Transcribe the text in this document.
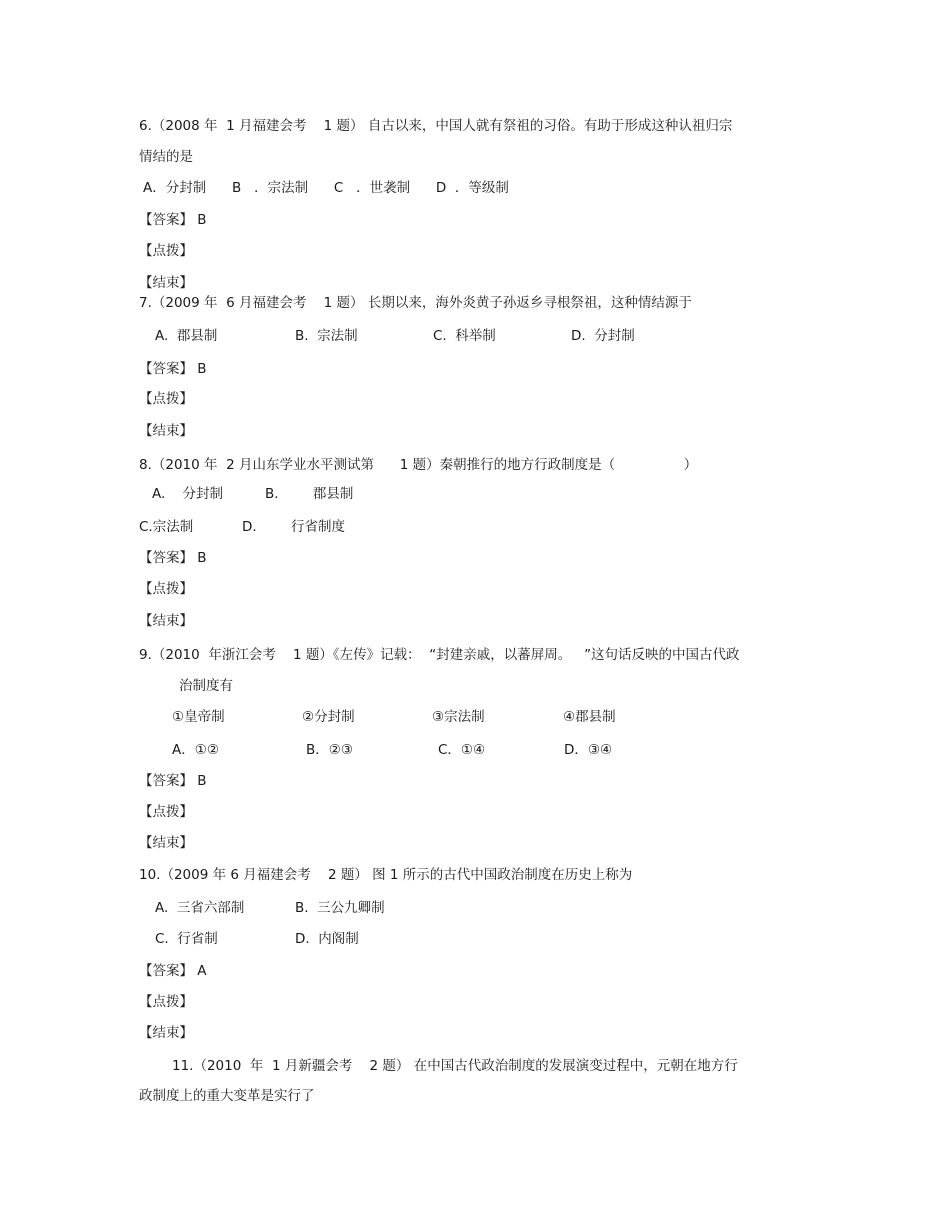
6.（2008 年  1 月福建会考    1 题） 自古以来，中国人就有祭祖的习俗。有助于形成这种认祖归宗
情结的是
A．分封制      B   ．宗法制      C   ．世袭制      D  ．等级制
【答案】 B
【点拨】
【结束】
7.（2009 年  6 月福建会考    1 题） 长期以来，海外炎黄子孙返乡寻根祭祖，这种情结源于
A.  郡县制	B.  宗法制	C.  科举制	D.  分封制
【答案】 B
【点拨】
【结束】
8.（2010 年  2 月山东学业水平测试第      1 题）秦朝推行的地方行政制度是（                ）
A.    分封制	B.        郡县制
C.宗法制	D.        行省制度
【答案】 B
【点拨】
【结束】
9.（2010  年浙江会考    1 题）《左传》记载：  “封建亲戚，以蕃屏周。   ”这句话反映的中国古代政
治制度有
①皇帝制	②分封制	③宗法制	④郡县制
A．①②	B．②③	C．①④	D．③④
【答案】 B
【点拨】
【结束】
10.（2009 年 6 月福建会考    2 题） 图 1 所示的古代中国政治制度在历史上称为
A.  三省六部制	B.  三公九卿制
C.  行省制	D.  内阁制
【答案】 A
【点拨】
【结束】
11.（2010  年  1 月新疆会考    2 题） 在中国古代政治制度的发展演变过程中，元朝在地方行
政制度上的重大变革是实行了
